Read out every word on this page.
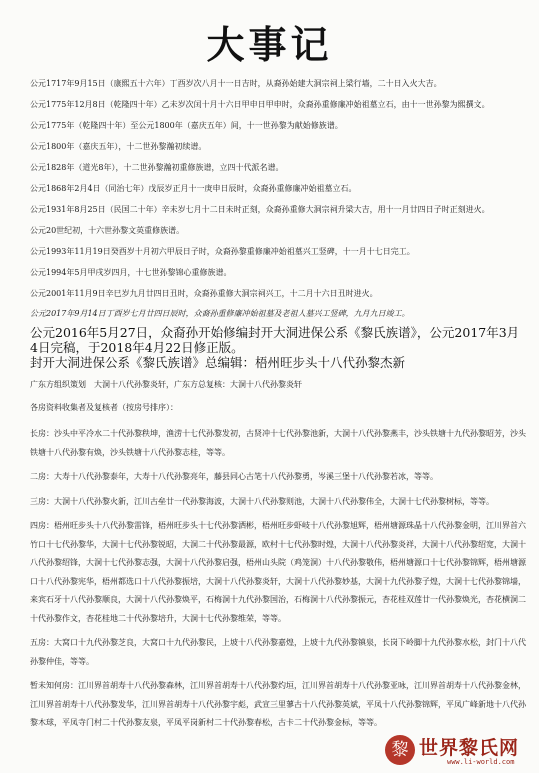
大事记

公元1717年9月15日（康熙五十六年）丁酉岁次八月十一日吉时，从裔孙始建大洞宗祠上梁行墙，二十日入火大吉。

公元1775年12月8日（乾隆四十年）乙未岁次闰十月十六日甲申日甲申时，众裔孙重修廉冲始祖墓立石，由十一世孙黎为熙撰文。

公元1775年（乾隆四十年）至公元1800年（嘉庆五年）间，十一世孙黎为献始修族谱。

公元1800年（嘉庆五年），十二世孙黎瀚初续谱。

公元1828年（道光8年），十二世孙黎瀚初重修族谱，立四十代派名谱。

公元1868年2月4日（同治七年）戊辰岁正月十一庚申日辰时，众裔孙重修廉冲始祖墓立石。

公元1931年8月25日（民国二十年）辛未岁七月十二日未时正刻，众裔孙重修大洞宗祠升梁大吉，用十一月廿四日子时正刻进火。

公元20世纪初，十六世孙黎文英重修族谱。

公元1993年11月19日癸酉岁十月初六甲辰日子时，众裔孙黎重修廉冲始祖墓兴工竖碑，十一月十七日完工。

公元1994年5月甲戌岁四月，十七世孙黎锦心重修族谱。

公元2001年11月9日辛巳岁九月廿四日丑时，众裔孙重修大洞宗祠兴工，十二月十六日丑时进火。

公元2017年9月14日丁酉岁七月廿四日辰时，众裔孙重修廉冲始祖墓及老祖人墓兴工竖碑，九月九日竣工。

公元2016年5月27日，众裔孙开始修编封开大洞进保公系《黎氏族谱》，公元2017年3月4日完稿，于2018年4月22日修正版。

封开大洞进保公系《黎氏族谱》总编辑：梧州旺步头十八代孙黎杰新

广东方组织策划　大洞十八代孙黎炎轩，广东方总复核：大洞十八代孙黎炎轩

各房资料收集者及复核者（按房号排序）：

长房：沙头中平冷水二十代孙黎秩坤，渔涝十七代孙黎发初，古贤冲十七代孙黎池新，大洞十八代孙黎燕丰，沙头铁塘十九代孙黎昭芳，沙头铁塘十八代孙黎有焕，沙头铁塘十八代孙黎志桂，等等。

二房：大寿十八代孙黎泰年，大寿十八代孙黎亮年，藤县同心古笔十八代孙黎勇，岑溪三堡十八代孙黎若冰，等等。

三房：大洞十八代孙黎火新，江川古垒廿一代孙黎海波，大洞十八代孙黎则池，大洞十八代孙黎伟全，大洞十七代孙黎树标，等等。

四房：梧州旺步头十八代孙黎雷锋，梧州旺步头十七代孙黎洒彬，梧州旺步虾岐十八代孙黎旭辉，梧州塘源珠晶十八代孙黎金明，江川界首六竹口十七代孙黎华，大洞十七代孙黎锐昭，大洞二十代孙黎最源，欧村十七代孙黎时煌，大洞十八代孙黎炎祥，大洞十八代孙黎绍宽，大洞十八代孙黎绍锋，大洞十七代孙黎志强，大洞十八代孙黎启强，梧州山头院（鸡笼洞）十八代孙黎敬伟，梧州塘源口十七代孙黎锦辉，梧州塘源口十八代孙黎宪华，梧州都选口十八代孙黎振培，大洞十八代孙黎炎轩，大洞十八代孙黎妙基，大洞十九代孙黎子煌，大洞十七代孙黎锦墙，来宾石牙十八代孙黎顺良，大洞十八代孙黎焕平，石梅洞十九代孙黎国治，石梅洞十八代孙黎振元，杏花桂双莲廿一代孙黎焕光，杏花横洞二十代孙黎作文，杏花桂地二十代孙黎培升，大洞十七代孙黎维荣，等等。

五房：大窝口十九代孙黎芝良，大窝口十九代孙黎民，上坡十八代孙黎嘉煌，上坡十九代孙黎镇泉，长岗下岭脚十九代孙黎水松，封门十八代孙黎仲佳，等等。

暂未知何房：江川界首胡寿十八代孙黎森林，江川界首胡寿十八代孙黎灼垣，江川界首胡寿十八代孙黎亚咏，江川界首胡寿十八代孙黎金林，江川界首胡寿十八代孙黎发华，江川界首胡寿十八代孙黎宇彪，武宣三里蓼古十八代孙黎英斌，平凤十八代孙黎锦辉，平凤广峰新地十八代孙黎木球，平凤寺门村二十代孙黎友泉，平凤平岗新村二十代孙黎春松，古卡二十代孙黎金标，等等。

黎 世界黎氏网
www.li-world.com
